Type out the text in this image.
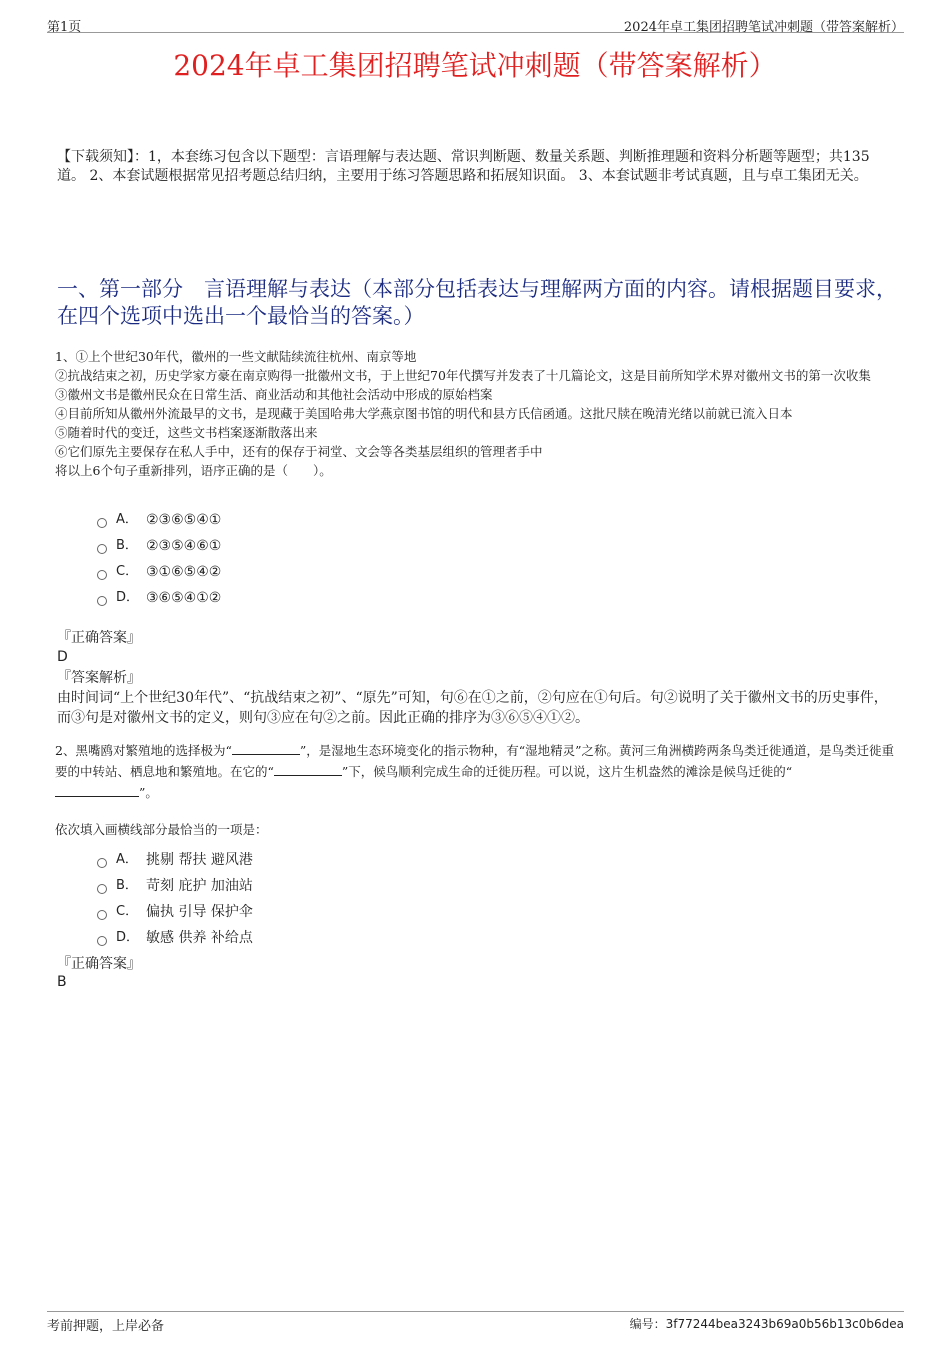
第1页	2024年卓工集团招聘笔试冲刺题（带答案解析）
2024年卓工集团招聘笔试冲刺题（带答案解析）
【下载须知】：1，本套练习包含以下题型：言语理解与表达题、常识判断题、数量关系题、判断推理题和资料分析题等题型；共135道。 2、本套试题根据常见招考题总结归纳，主要用于练习答题思路和拓展知识面。 3、本套试题非考试真题，且与卓工集团无关。
一、第一部分　言语理解与表达（本部分包括表达与理解两方面的内容。请根据题目要求，在四个选项中选出一个最恰当的答案。）

1、①上个世纪30年代，徽州的一些文献陆续流往杭州、南京等地

②抗战结束之初，历史学家方豪在南京购得一批徽州文书，于上世纪70年代撰写并发表了十几篇论文，这是目前所知学术界对徽州文书的第一次收集

③徽州文书是徽州民众在日常生活、商业活动和其他社会活动中形成的原始档案

④目前所知从徽州外流最早的文书，是现藏于美国哈弗大学燕京图书馆的明代和县方氏信函通。这批尺牍在晚清光绪以前就已流入日本

⑤随着时代的变迁，这些文书档案逐渐散落出来

⑥它们原先主要保存在私人手中，还有的保存于祠堂、文会等各类基层组织的管理者手中

将以上6个句子重新排列，语序正确的是（　　）。

A． ②③⑥⑤④①
B． ②③⑤④⑥①
C． ③①⑥⑤④②
D． ③⑥⑤④①②
『正确答案』
D
『答案解析』
由时间词“上个世纪30年代”、“抗战结束之初”、“原先”可知，句⑥在①之前，②句应在①句后。句②说明了关于徽州文书的历史事件，而③句是对徽州文书的定义，则句③应在句②之前。因此正确的排序为③⑥⑤④①②。

2、黑嘴鸥对繁殖地的选择极为“	”，是湿地生态环境变化的指示物种，有“湿地精灵”之称。黄河三角洲横跨两条鸟类迁徙通道，是鸟类迁徙重要的中转站、栖息地和繁殖地。在它的“	”下，候鸟顺利完成生命的迁徙历程。可以说，这片生机盎然的滩涂是候鸟迁徙的“
”。

依次填入画横线部分最恰当的一项是：

A． 挑剔 帮扶 避风港
B． 苛刻 庇护 加油站
C． 偏执 引导 保护伞
D． 敏感 供养 补给点
『正确答案』
B
考前押题，上岸必备	编号：3f77244bea3243b69a0b56b13c0b6dea
